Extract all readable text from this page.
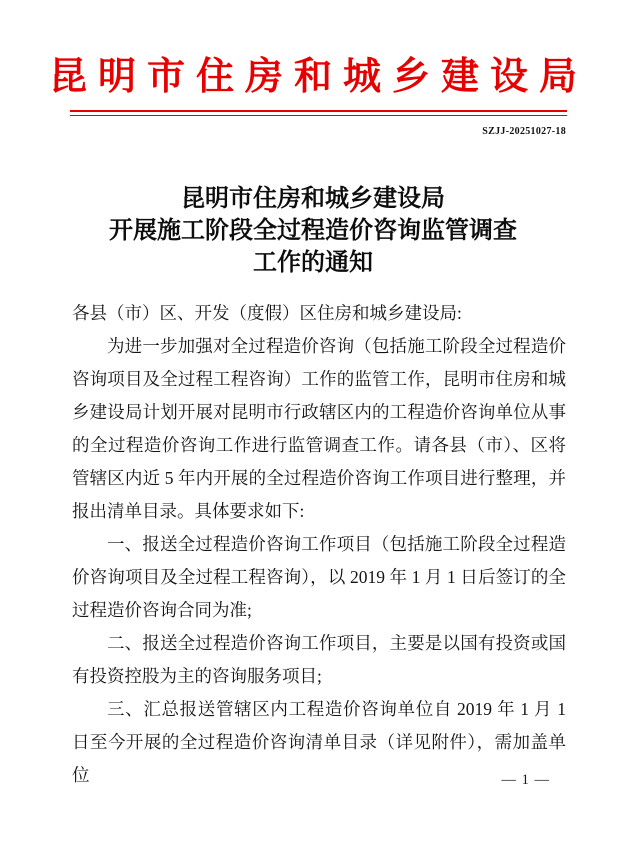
昆明市住房和城乡建设局
SZJJ-20251027-18
昆明市住房和城乡建设局
开展施工阶段全过程造价咨询监管调查
工作的通知

各县（市）区、开发（度假）区住房和城乡建设局:

为进一步加强对全过程造价咨询（包括施工阶段全过程造价咨询项目及全过程工程咨询）工作的监管工作，昆明市住房和城乡建设局计划开展对昆明市行政辖区内的工程造价咨询单位从事的全过程造价咨询工作进行监管调查工作。请各县（市）、区将管辖区内近 5 年内开展的全过程造价咨询工作项目进行整理，并报出清单目录。具体要求如下:

一、报送全过程造价咨询工作项目（包括施工阶段全过程造价咨询项目及全过程工程咨询），以 2019 年 1 月 1 日后签订的全过程造价咨询合同为准;

二、报送全过程造价咨询工作项目，主要是以国有投资或国有投资控股为主的咨询服务项目;

三、汇总报送管辖区内工程造价咨询单位自 2019 年 1 月 1 日至今开展的全过程造价咨询清单目录（详见附件），需加盖单位	— 1 —
